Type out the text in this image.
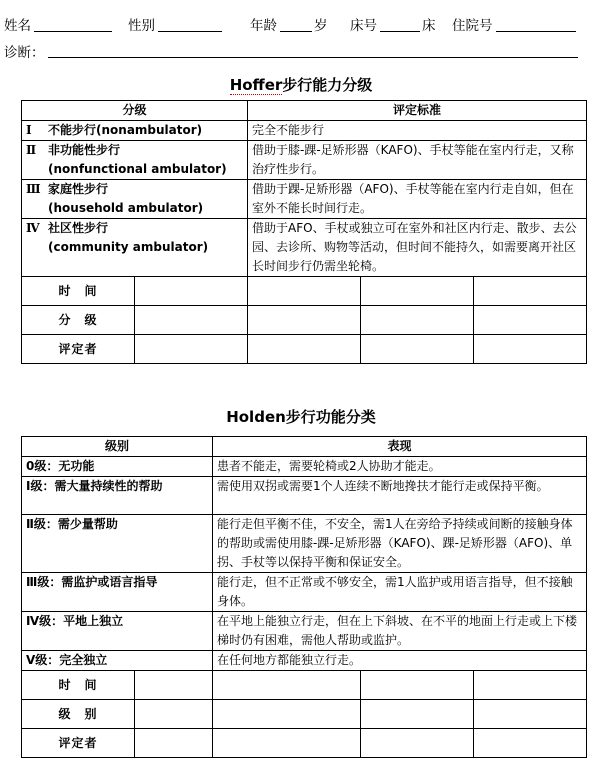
姓名	性别	年龄	岁 床号	床 住院号
诊断：
Hoffer步行能力分级
分级		评定标准		
Ⅰ 不能步行(nonambulator)		完全不能步行		
Ⅱ 非功能性步行
(nonfunctional ambulator)		借助于膝-踝-足矫形器（KAFO)、手杖等能在室内行走，又称治疗性步行。		
Ⅲ 家庭性步行
(household ambulator)		借助于踝-足矫形器（AFO)、手杖等能在室内行走自如，但在室外不能长时间行走。		
Ⅳ 社区性步行
(community ambulator)		借助于AFO、手杖或独立可在室外和社区内行走、散步、去公园、去诊所、购物等活动，但时间不能持久，如需要离开社区长时间步行仍需坐轮椅。		
时　间				
分　级				
评定者				
Holden步行功能分类
级别		表现		
0级：无功能		患者不能走，需要轮椅或2人协助才能走。		
Ⅰ级：需大量持续性的帮助		需使用双拐或需要1个人连续不断地搀扶才能行走或保持平衡。		
Ⅱ级：需少量帮助		能行走但平衡不佳，不安全，需1人在旁给予持续或间断的接触身体的帮助或需使用膝-踝-足矫形器（KAFO)、踝-足矫形器（AFO)、单拐、手杖等以保持平衡和保证安全。		
Ⅲ级：需监护或语言指导		能行走，但不正常或不够安全，需1人监护或用语言指导，但不接触身体。		
Ⅳ级：平地上独立		在平地上能独立行走，但在上下斜坡、在不平的地面上行走或上下楼梯时仍有困难，需他人帮助或监护。		
Ⅴ级：完全独立		在任何地方都能独立行走。		
时　间				
级　别				
评定者				
